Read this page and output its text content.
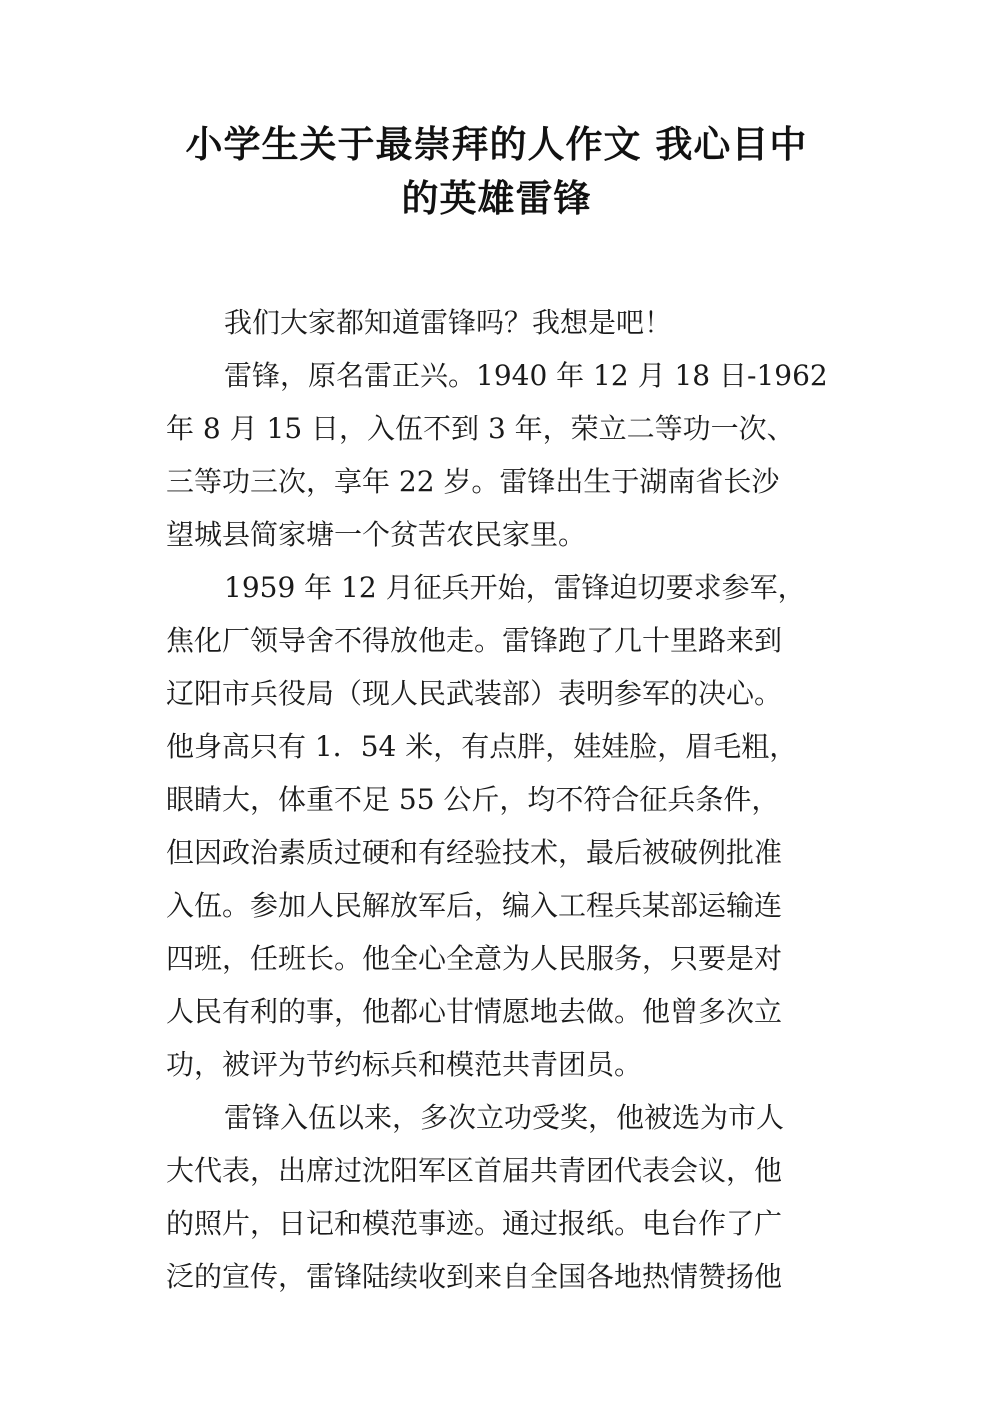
小学生关于最崇拜的人作文 我心目中
的英雄雷锋

我们大家都知道雷锋吗？我想是吧！

雷锋，原名雷正兴。1940 年 12 月 18 日-1962
年 8 月 15 日，入伍不到 3 年，荣立二等功一次、
三等功三次，享年 22 岁。雷锋出生于湖南省长沙
望城县简家塘一个贫苦农民家里。

1959 年 12 月征兵开始，雷锋迫切要求参军，
焦化厂领导舍不得放他走。雷锋跑了几十里路来到
辽阳市兵役局（现人民武装部）表明参军的决心。
他身高只有 1．54 米，有点胖，娃娃脸，眉毛粗，
眼睛大，体重不足 55 公斤，均不符合征兵条件，
但因政治素质过硬和有经验技术，最后被破例批准
入伍。参加人民解放军后，编入工程兵某部运输连
四班，任班长。他全心全意为人民服务，只要是对
人民有利的事，他都心甘情愿地去做。他曾多次立
功，被评为节约标兵和模范共青团员。

雷锋入伍以来，多次立功受奖，他被选为市人
大代表，出席过沈阳军区首届共青团代表会议，他
的照片，日记和模范事迹。通过报纸。电台作了广
泛的宣传，雷锋陆续收到来自全国各地热情赞扬他
